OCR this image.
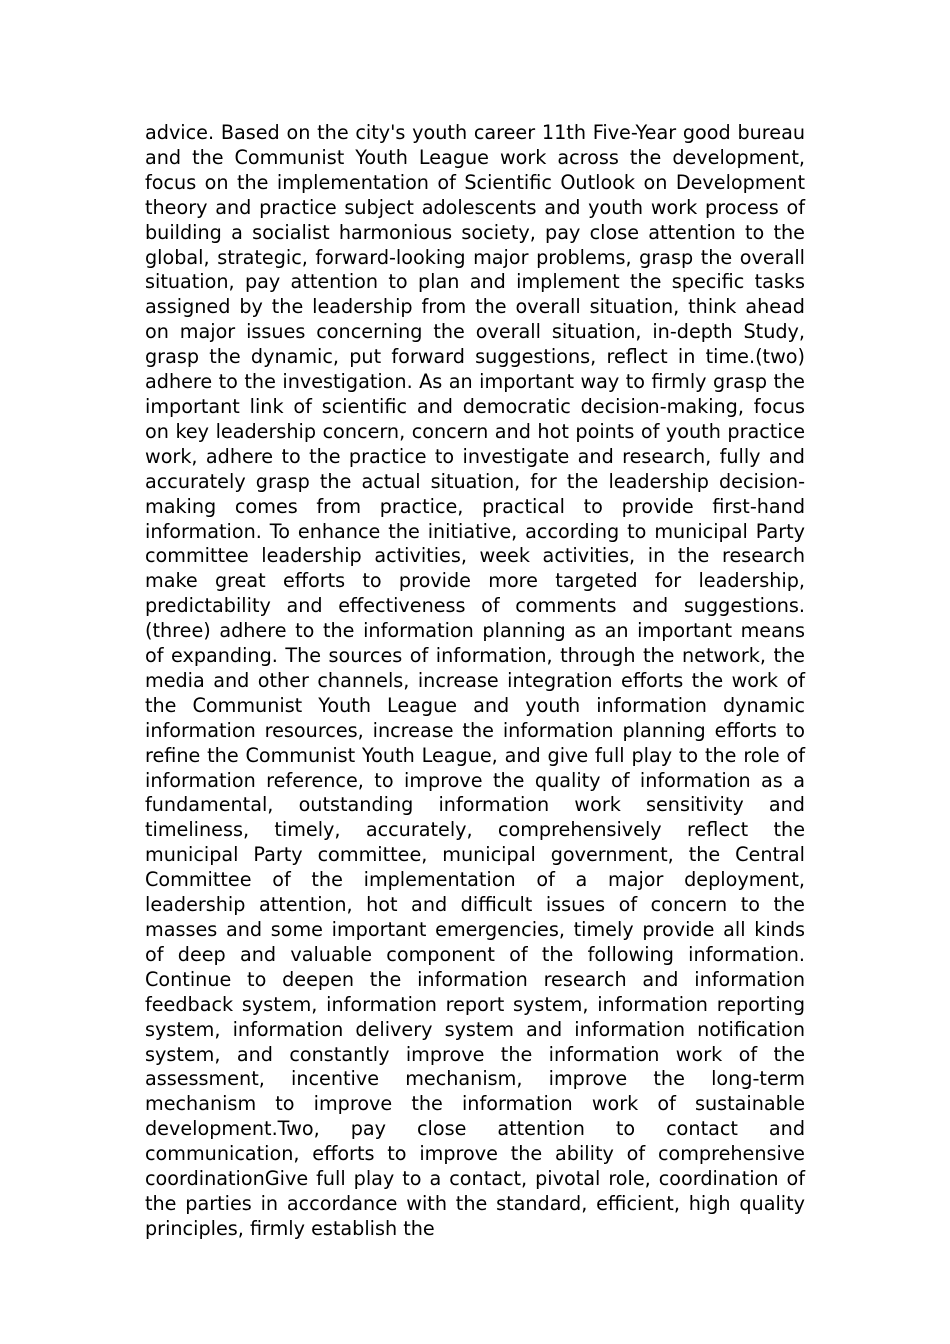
advice. Based on the city's youth career 11th Five-Year good bureau and the Communist Youth League work across the development, focus on the implementation of Scientific Outlook on Development theory and practice subject adolescents and youth work process of building a socialist harmonious society, pay close attention to the global, strategic, forward-looking major problems, grasp the overall situation, pay attention to plan and implement the specific tasks assigned by the leadership from the overall situation, think ahead on major issues concerning the overall situation, in-depth Study, grasp the dynamic, put forward suggestions, reflect in time.(two) adhere to the investigation. As an important way to firmly grasp the important link of scientific and democratic decision-making, focus on key leadership concern, concern and hot points of youth practice work, adhere to the practice to investigate and research, fully and accurately grasp the actual situation, for the leadership decision-making comes from practice, practical to provide first-hand information. To enhance the initiative, according to municipal Party committee leadership activities, week activities, in the research make great efforts to provide more targeted for leadership, predictability and effectiveness of comments and suggestions.(three) adhere to the information planning as an important means of expanding. The sources of information, through the network, the media and other channels, increase integration efforts the work of the Communist Youth League and youth information dynamic information resources, increase the information planning efforts to refine the Communist Youth League, and give full play to the role of information reference, to improve the quality of information as a fundamental, outstanding information work sensitivity and timeliness, timely, accurately, comprehensively reflect the municipal Party committee, municipal government, the Central Committee of the implementation of a major deployment, leadership attention, hot and difficult issues of concern to the masses and some important emergencies, timely provide all kinds of deep and valuable component of the following information. Continue to deepen the information research and information feedback system, information report system, information reporting system, information delivery system and information notification system, and constantly improve the information work of the assessment, incentive mechanism, improve the long-term mechanism to improve the information work of sustainable development.Two, pay close attention to contact and communication, efforts to improve the ability of comprehensive coordinationGive full play to a contact, pivotal role, coordination of the parties in accordance with the standard, efficient, high quality principles, firmly establish the
